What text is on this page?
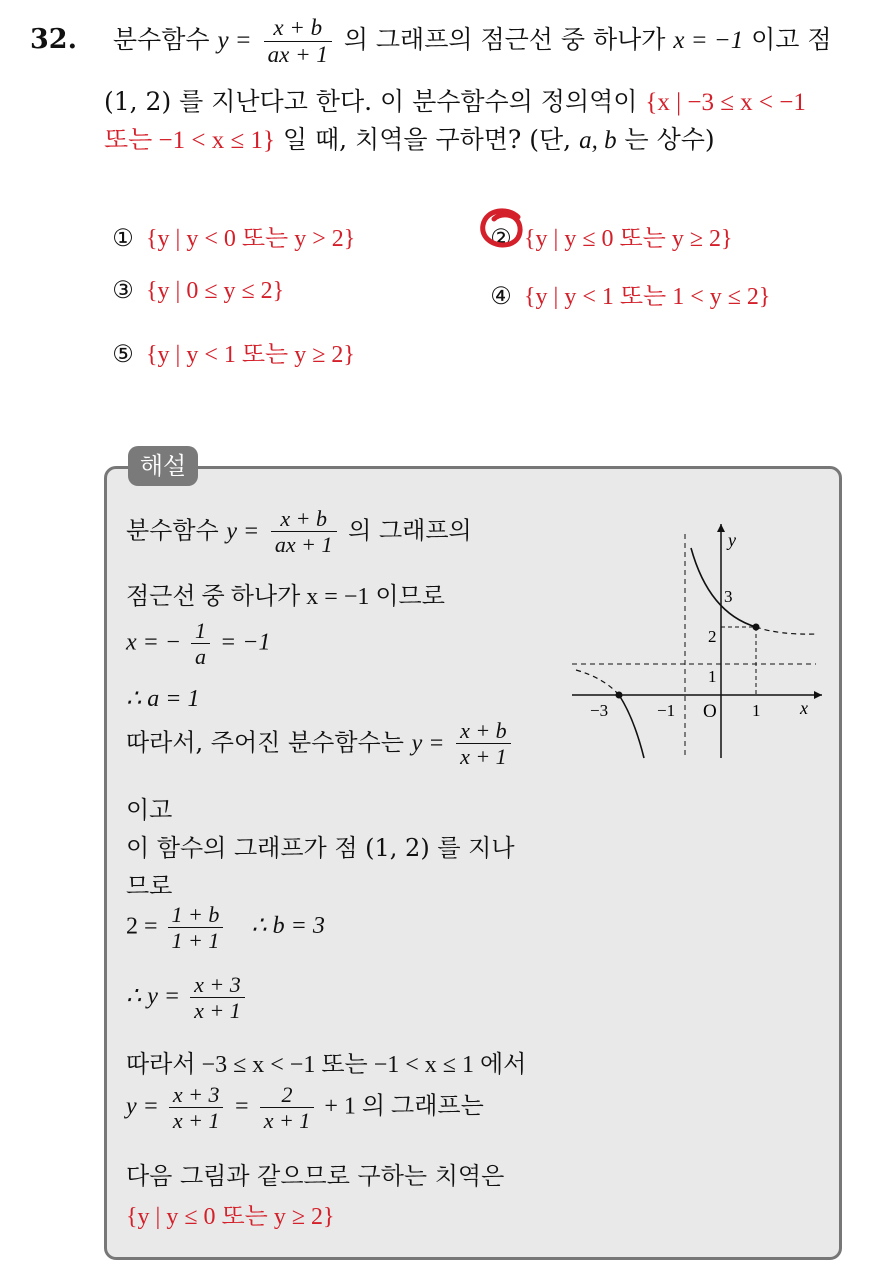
32. 분수함수 $y = \frac{x + b}{ax + 1}$ 의 그래프의 점근선 중 하나가 x = −1 이고 점
(1, 2) 를 지난다고 한다. 이 분수함수의 정의역이 {x | −3 ≤ x < −1
또는 −1 < x ≤ 1} 일 때, 치역을 구하면? (단, a, b 는 상수)
① {y | y < 0 또는 y > 2}	② {y | y ≤ 0 또는 y ≥ 2}
③ {y | 0 ≤ y ≤ 2}	④ {y | y < 1 또는 1 < y ≤ 2}
⑤ {y | y < 1 또는 y ≥ 2}
해설
분수함수 $y = \frac{x + b}{ax + 1}$ 의 그래프의
점근선 중 하나가 x = −1 이므로
x = − $\frac{1}{a} = -1$
∴ a = 1
따라서, 주어진 분수함수는 $y = \frac{x + b}{x + 1}$
이고
이 함수의 그래프가 점 (1, 2) 를 지나
므로
$2 = \frac{1 + b}{1 + 1}$ ∴ b = 3
∴ $y = \frac{x + 3}{x + 1}$
따라서 −3 ≤ x < −1 또는 −1 < x ≤ 1 에서
$y = \frac{x + 3}{x + 1} = \frac{2}{x + 1} + 1$ 의 그래프는
다음 그림과 같으므로 구하는 치역은
{y | y ≤ 0 또는 y ≥ 2}
y
x
O
−3	−1	1
1
2
3
